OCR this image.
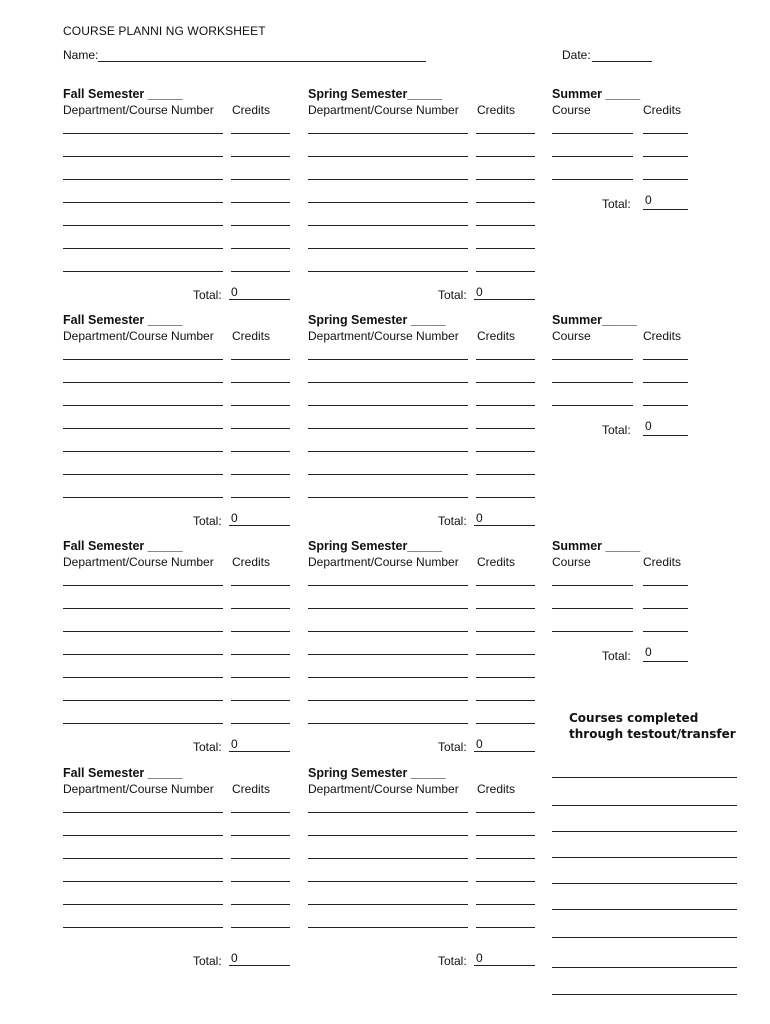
COURSE PLANNI NG WORKSHEET
Name:	Date:
Fall Semester _____
Department/Course Number Credits
Total: 0
Spring Semester_____
Department/Course Number Credits
Total: 0
Summer _____
Course	Credits
Total: 0
Fall Semester _____
Department/Course Number Credits
Total: 0
Spring Semester _____
Department/Course Number Credits
Total: 0
Summer_____
Course	Credits
Total: 0
Fall Semester _____
Department/Course Number Credits
Total: 0
Spring Semester_____
Department/Course Number Credits
Total: 0
Summer _____
Course	Credits
Total: 0
Fall Semester _____
Department/Course Number Credits
Total: 0
Spring Semester _____
Department/Course Number Credits
Total: 0
Courses completed
through testout/transfer
